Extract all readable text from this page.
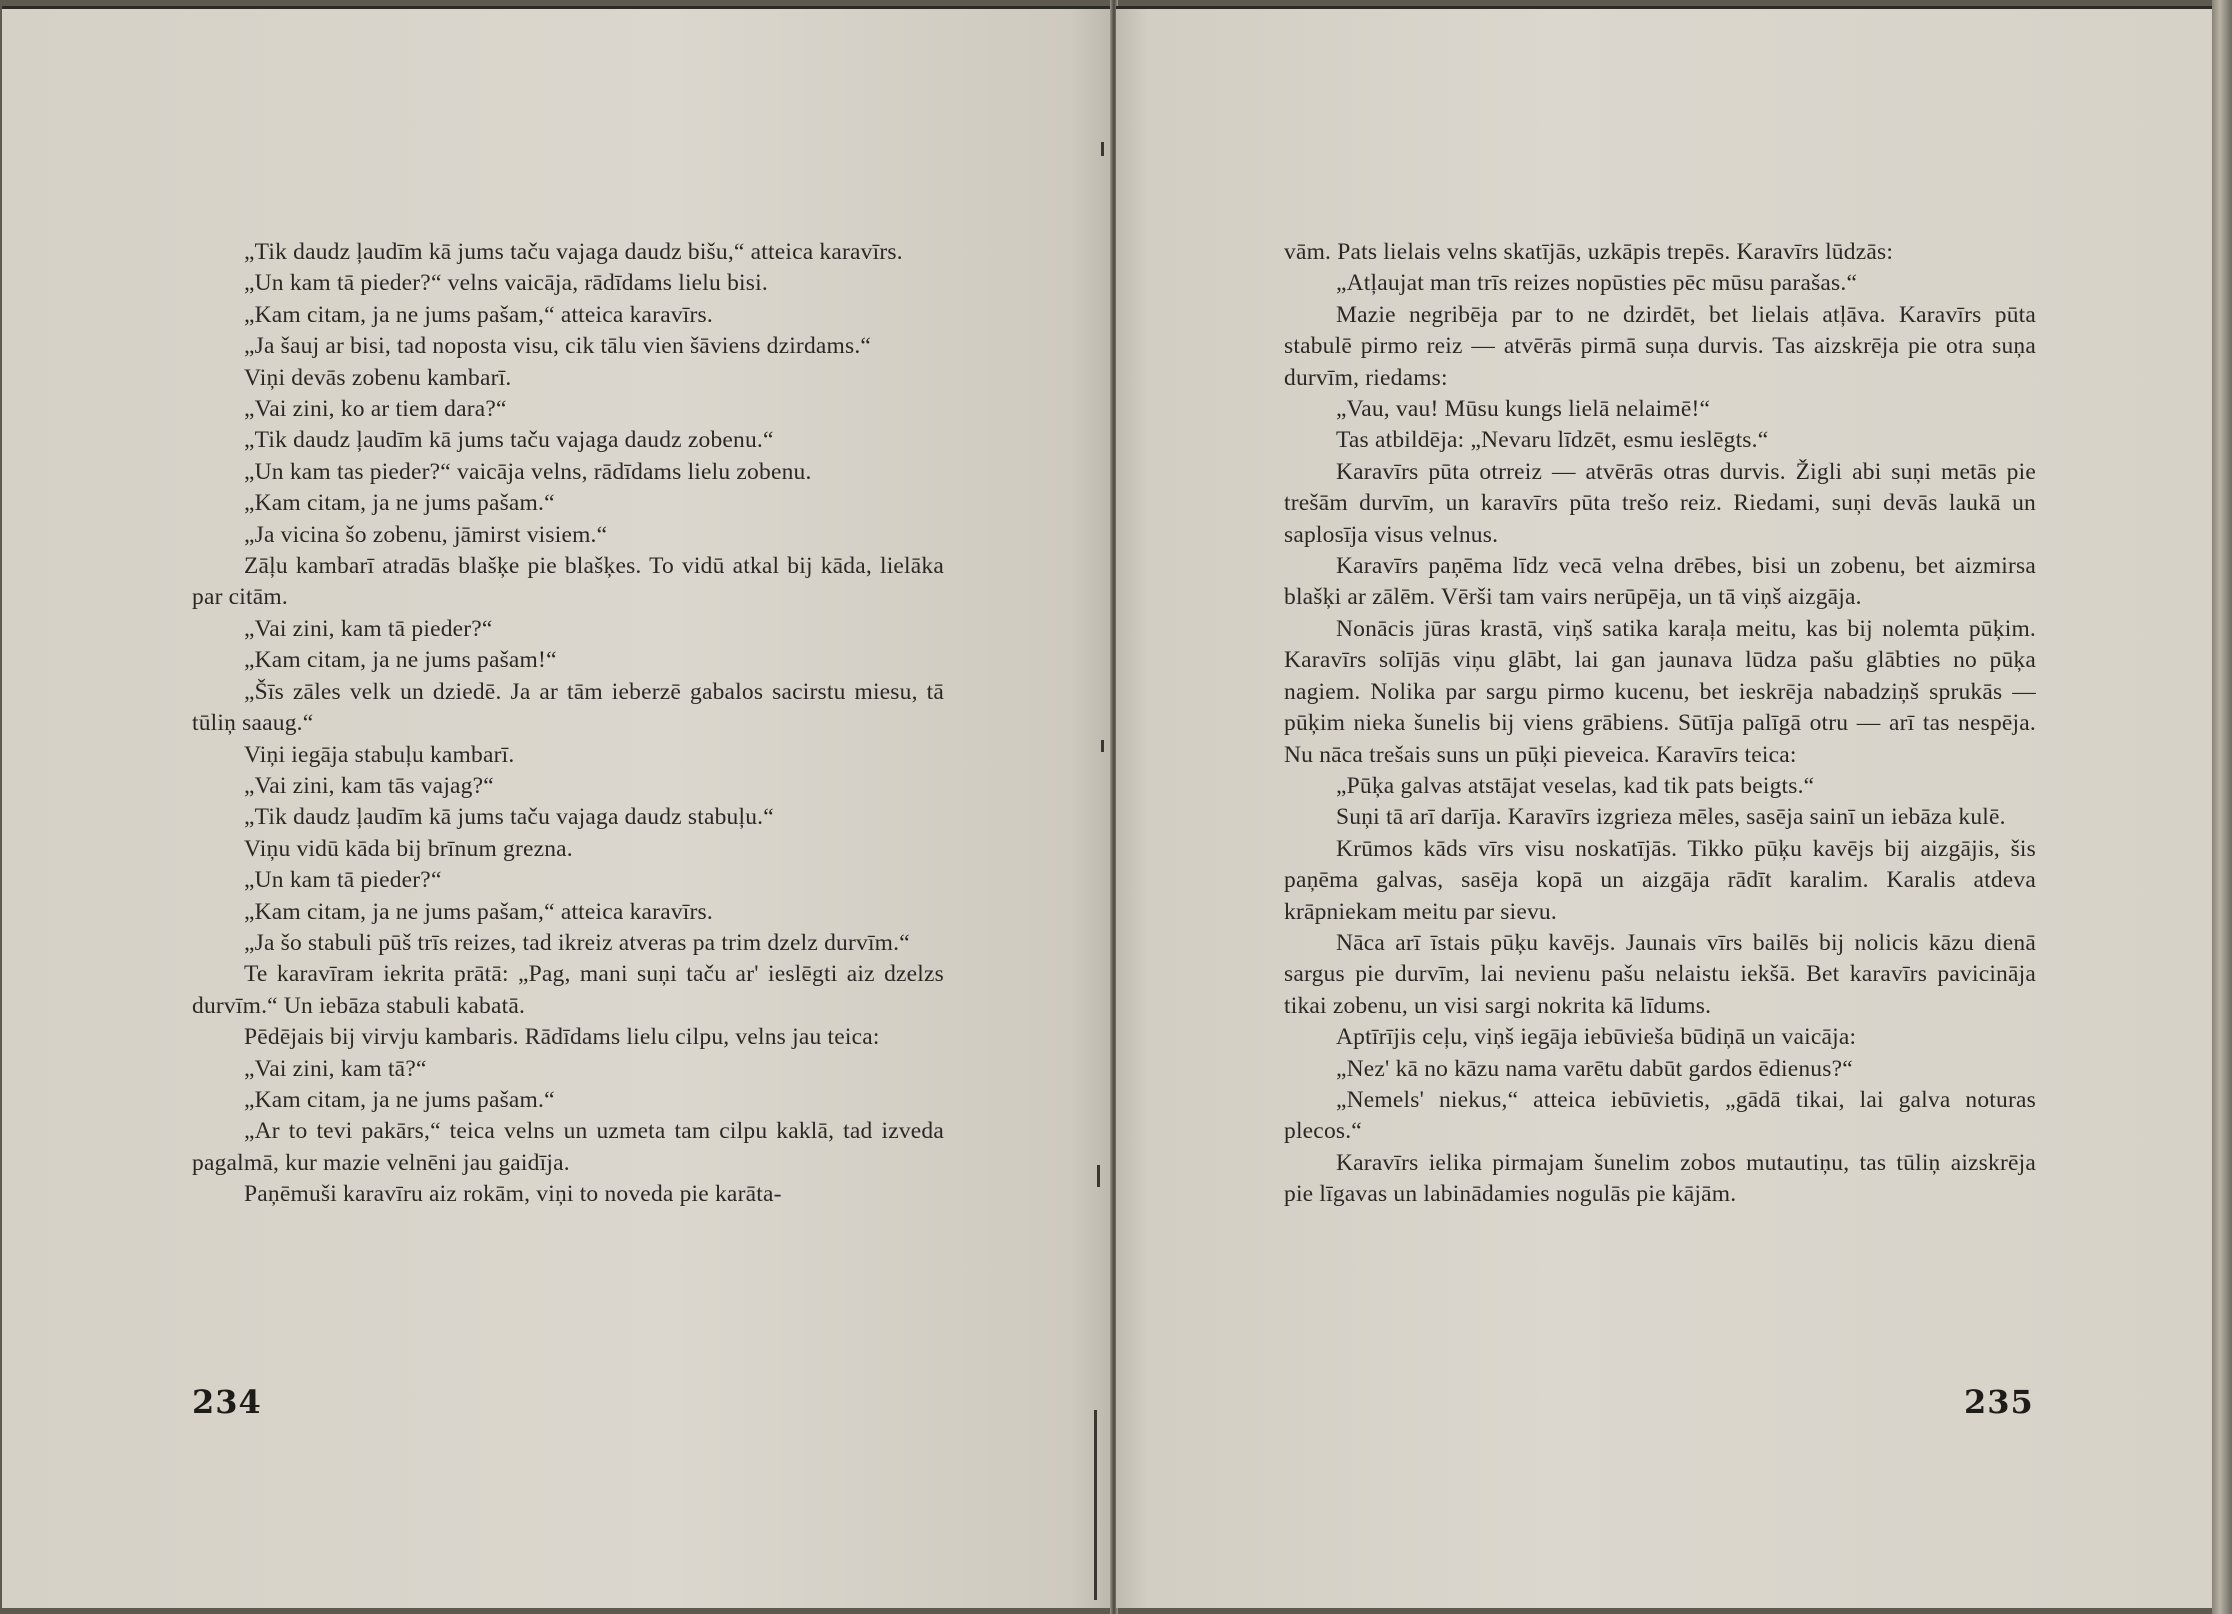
„Tik daudz ļaudīm kā jums taču vajaga daudz bišu,“ atteica karavīrs.

„Un kam tā pieder?“ velns vaicāja, rādīdams lielu bisi.

„Kam citam, ja ne jums pašam,“ atteica karavīrs.

„Ja šauj ar bisi, tad noposta visu, cik tālu vien šāviens dzirdams.“

Viņi devās zobenu kambarī.

„Vai zini, ko ar tiem dara?“

„Tik daudz ļaudīm kā jums taču vajaga daudz zobenu.“

„Un kam tas pieder?“ vaicāja velns, rādīdams lielu zobenu.

„Kam citam, ja ne jums pašam.“

„Ja vicina šo zobenu, jāmirst visiem.“

Zāļu kambarī atradās blašķe pie blašķes. To vidū atkal bij kāda, lielāka par citām.

„Vai zini, kam tā pieder?“

„Kam citam, ja ne jums pašam!“

„Šīs zāles velk un dziedē. Ja ar tām ieberzē gabalos sacirstu miesu, tā tūliņ saaug.“

Viņi iegāja stabuļu kambarī.

„Vai zini, kam tās vajag?“

„Tik daudz ļaudīm kā jums taču vajaga daudz stabuļu.“

Viņu vidū kāda bij brīnum grezna.

„Un kam tā pieder?“

„Kam citam, ja ne jums pašam,“ atteica karavīrs.

„Ja šo stabuli pūš trīs reizes, tad ikreiz atveras pa trim dzelz durvīm.“

Te karavīram iekrita prātā: „Pag, mani suņi taču ar' ieslēgti aiz dzelzs durvīm.“ Un iebāza stabuli kabatā.

Pēdējais bij virvju kambaris. Rādīdams lielu cilpu, velns jau teica:

„Vai zini, kam tā?“

„Kam citam, ja ne jums pašam.“

„Ar to tevi pakārs,“ teica velns un uzmeta tam cilpu kaklā, tad izveda pagalmā, kur mazie velnēni jau gaidīja.

Paņēmuši karavīru aiz rokām, viņi to noveda pie karāta-

234

vām. Pats lielais velns skatījās, uzkāpis trepēs. Karavīrs lūdzās:

„Atļaujat man trīs reizes nopūsties pēc mūsu parašas.“

Mazie negribēja par to ne dzirdēt, bet lielais atļāva. Karavīrs pūta stabulē pirmo reiz — atvērās pirmā suņa durvis. Tas aizskrēja pie otra suņa durvīm, riedams:

„Vau, vau! Mūsu kungs lielā nelaimē!“

Tas atbildēja: „Nevaru līdzēt, esmu ieslēgts.“

Karavīrs pūta otrreiz — atvērās otras durvis. Žigli abi suņi metās pie trešām durvīm, un karavīrs pūta trešo reiz. Riedami, suņi devās laukā un saplosīja visus velnus.

Karavīrs paņēma līdz vecā velna drēbes, bisi un zobenu, bet aizmirsa blašķi ar zālēm. Vērši tam vairs nerūpēja, un tā viņš aizgāja.

Nonācis jūras krastā, viņš satika karaļa meitu, kas bij nolemta pūķim. Karavīrs solījās viņu glābt, lai gan jaunava lūdza pašu glābties no pūķa nagiem. Nolika par sargu pirmo kucenu, bet ieskrēja nabadziņš sprukās — pūķim nieka šunelis bij viens grābiens. Sūtīja palīgā otru — arī tas nespēja. Nu nāca trešais suns un pūķi pieveica. Karavīrs teica:

„Pūķa galvas atstājat veselas, kad tik pats beigts.“

Suņi tā arī darīja. Karavīrs izgrieza mēles, sasēja sainī un iebāza kulē.

Krūmos kāds vīrs visu noskatījās. Tikko pūķu kavējs bij aizgājis, šis paņēma galvas, sasēja kopā un aizgāja rādīt karalim. Karalis atdeva krāpniekam meitu par sievu.

Nāca arī īstais pūķu kavējs. Jaunais vīrs bailēs bij nolicis kāzu dienā sargus pie durvīm, lai nevienu pašu nelaistu iekšā. Bet karavīrs pavicināja tikai zobenu, un visi sargi nokrita kā līdums.

Aptīrījis ceļu, viņš iegāja iebūvieša būdiņā un vaicāja:

„Nez' kā no kāzu nama varētu dabūt gardos ēdienus?“

„Nemels' niekus,“ atteica iebūvietis, „gādā tikai, lai galva noturas plecos.“

Karavīrs ielika pirmajam šunelim zobos mutautiņu, tas tūliņ aizskrēja pie līgavas un labinādamies nogulās pie kājām.

235
